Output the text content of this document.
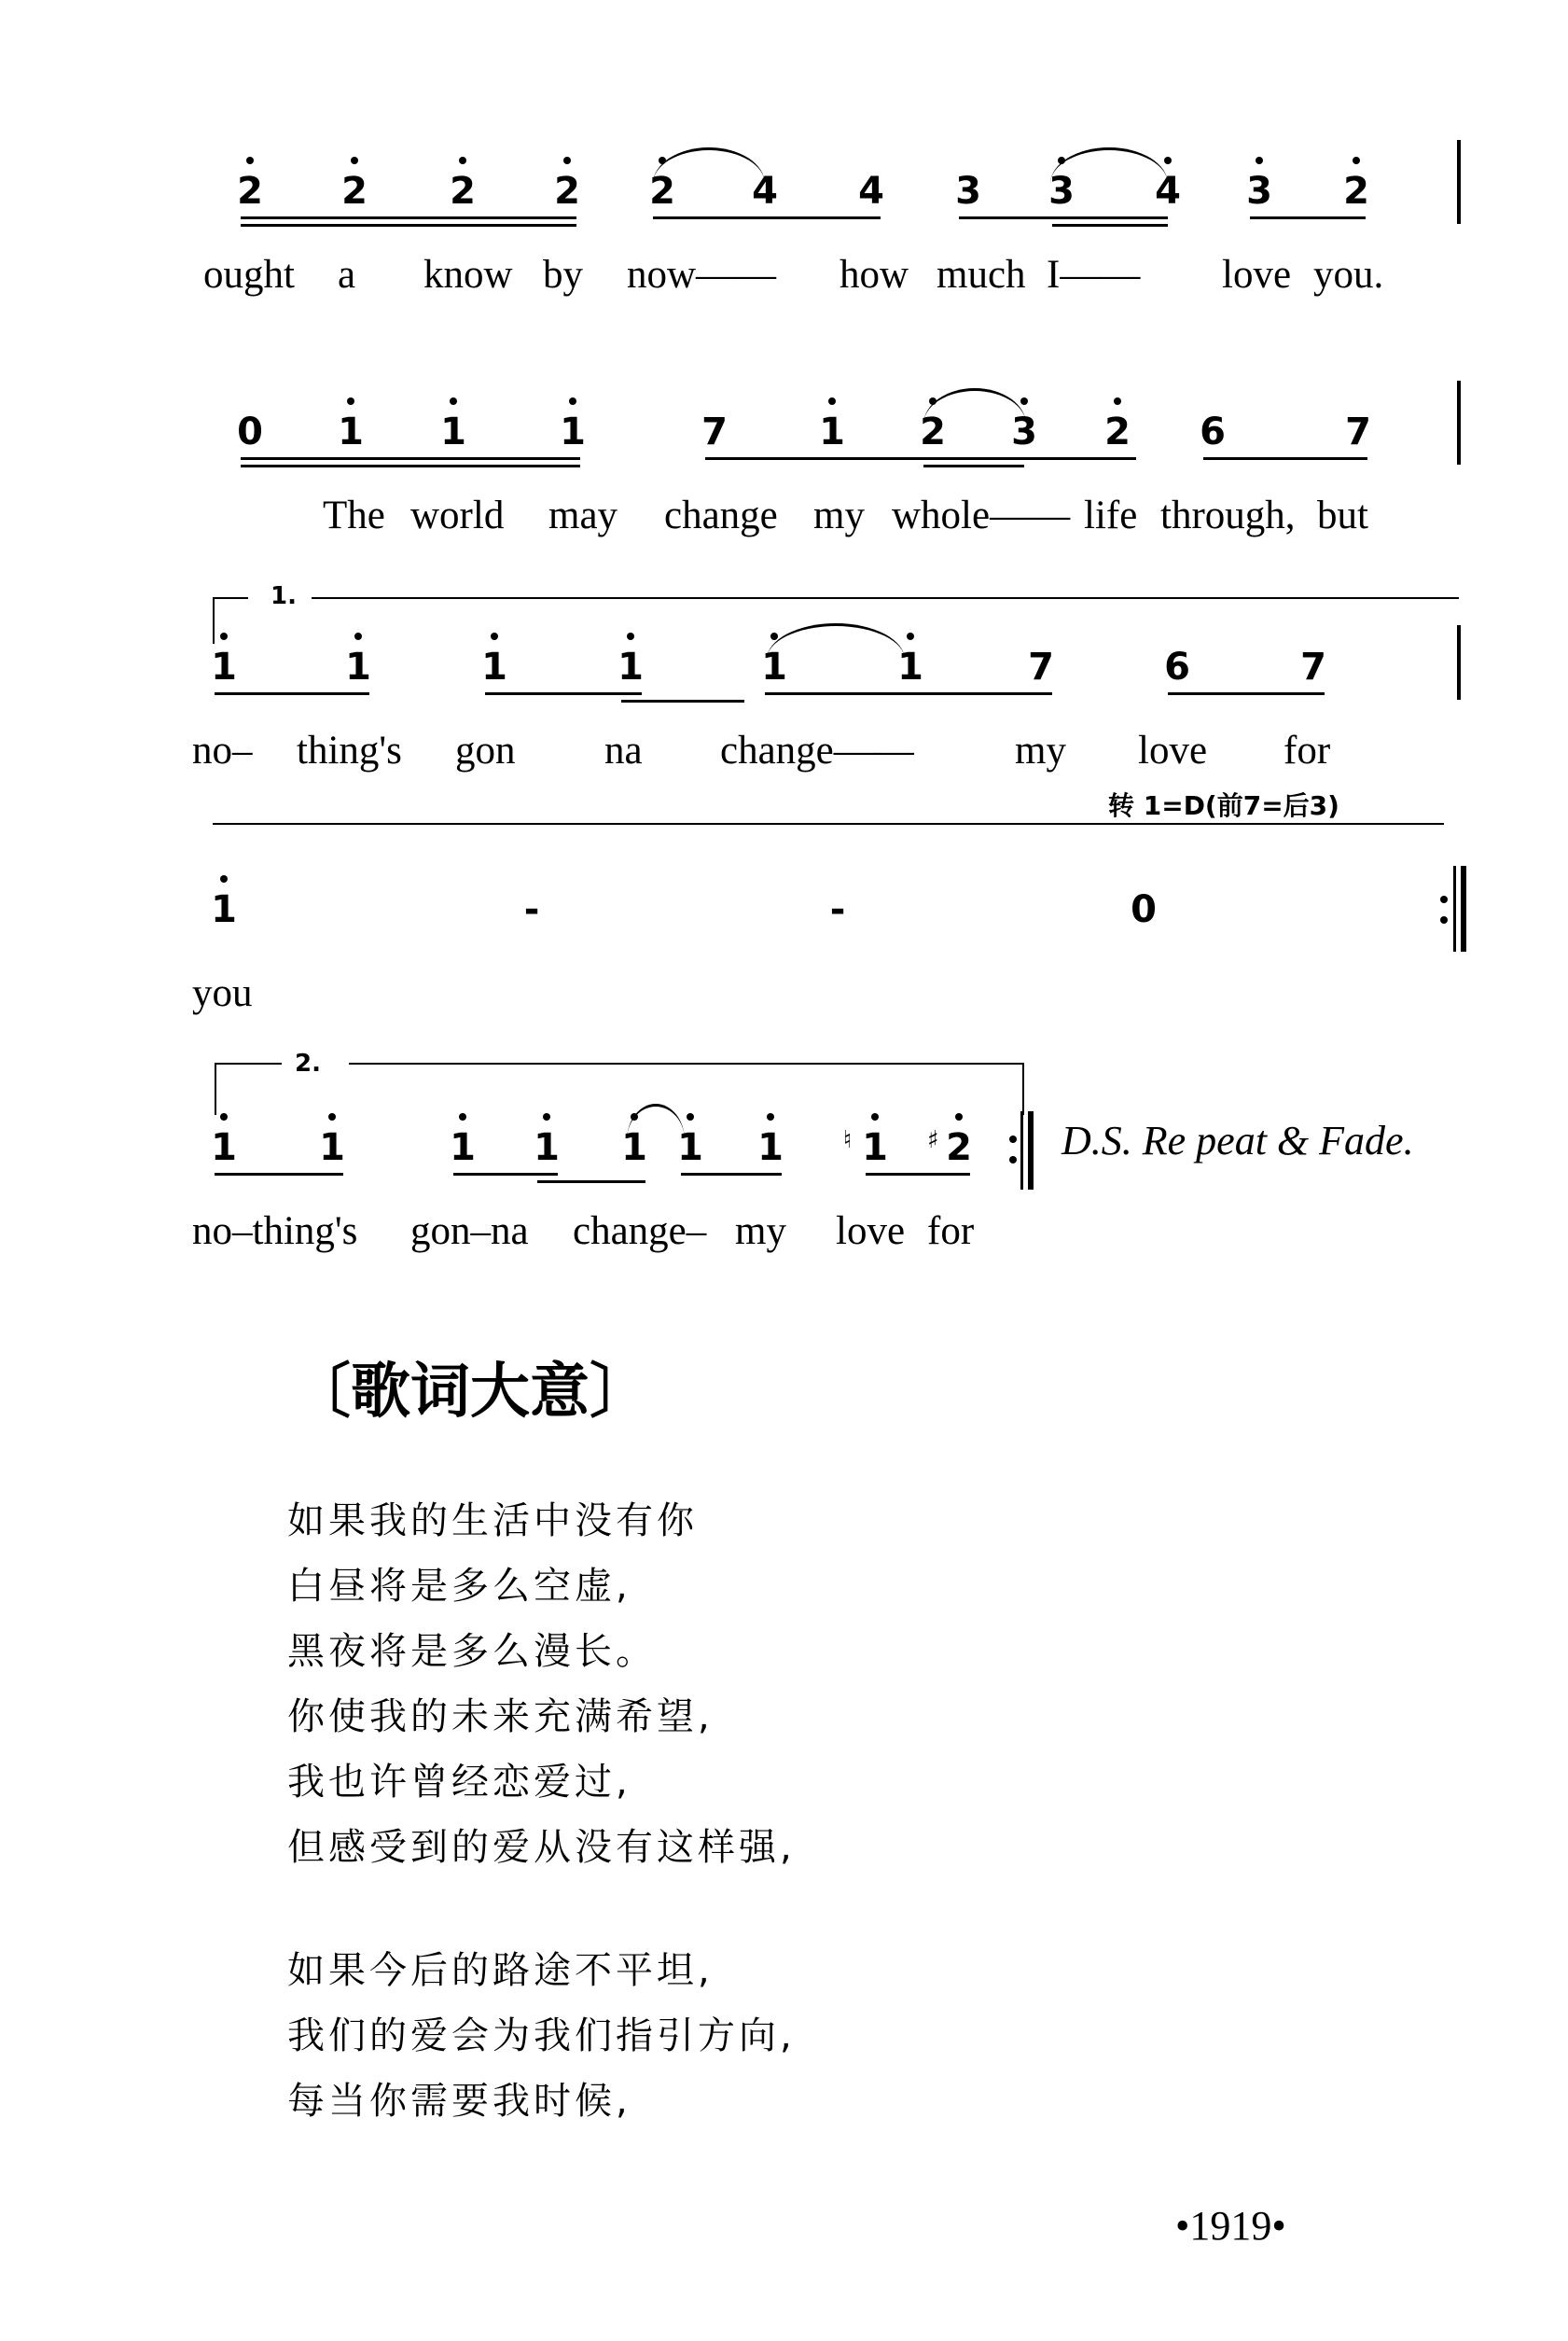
2	2	2	2	2	4	4	3	3	4	3	2
ought a know by now—— how much I—— love you.
0	1	1	1	7	1	2	3	2	6	7
The world may change my whole—— life through, but
1.
1	1	1	1	1	1	7	6	7
no– thing's gon na change——	my love for
转 1=D(前7=后3)
1	-	-	0
you
2.
1	1	1	1	1 1	1	♮ 1	♯ 2	D.S. Re peat & Fade.
no–thing's gon–na change– my love for
〔歌词大意〕
如果我的生活中没有你
白昼将是多么空虚,
黑夜将是多么漫长。
你使我的未来充满希望,
我也许曾经恋爱过,
但感受到的爱从没有这样强,
如果今后的路途不平坦,
我们的爱会为我们指引方向,
每当你需要我时候,
•1919•
